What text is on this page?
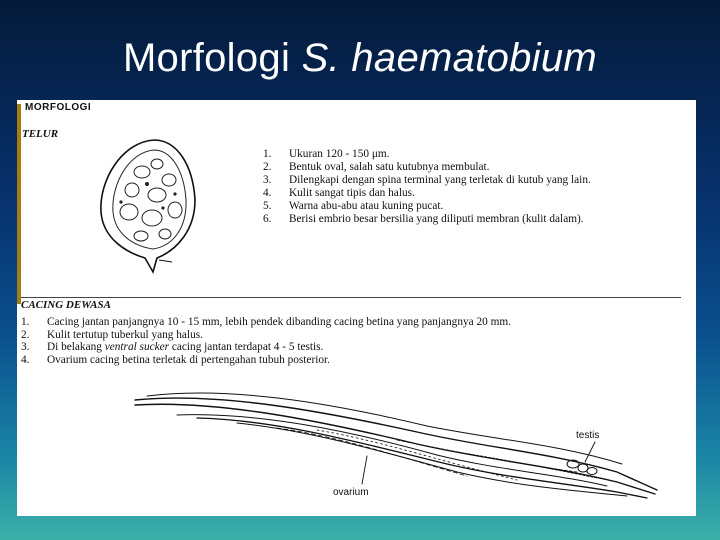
Morfologi S. haematobium
MORFOLOGI
TELUR
1.	Ukuran 120 - 150 μm.
2.	Bentuk oval, salah satu kutubnya membulat.
3.	Dilengkapi dengan spina terminal yang terletak di kutub yang lain.
4.	Kulit sangat tipis dan halus.
5.	Warna abu-abu atau kuning pucat.
6.	Berisi embrio besar bersilia yang diliputi membran (kulit dalam).
CACING DEWASA
1.	Cacing jantan panjangnya 10 - 15 mm, lebih pendek dibanding cacing betina yang panjangnya 20 mm.
2.	Kulit tertutup tuberkul yang halus.
3.	Di belakang ventral sucker cacing jantan terdapat 4 - 5 testis.
4.	Ovarium cacing betina terletak di pertengahan tubuh posterior.
testis
ovarium
